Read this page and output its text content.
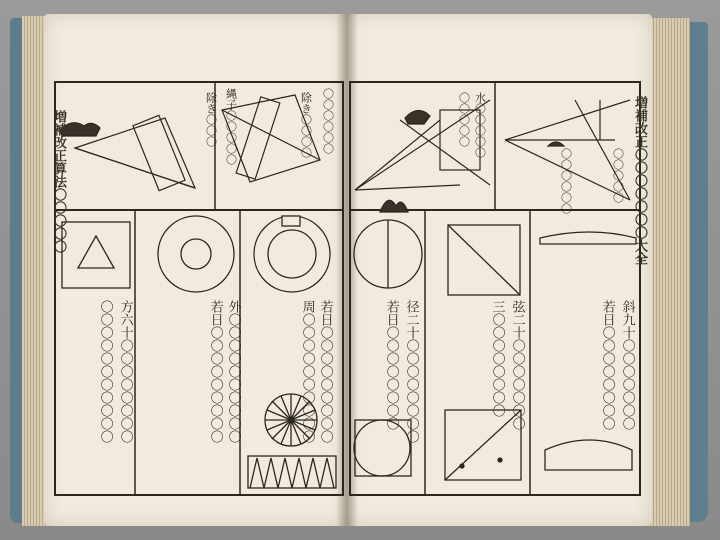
増補改正算法〇〇〇〇〇	増補改正〇〇〇〇〇〇〇大全
縄子〇〇〇〇〇
除き〇〇〇	〇〇〇〇〇〇
除き〇〇〇〇
方六十〇〇〇〇〇〇〇〇
〇〇〇〇〇〇〇〇〇〇〇	若日〇〇〇〇〇〇〇〇〇 外〇〇〇〇〇〇〇〇〇〇	若日〇〇〇〇〇〇〇〇〇
周〇〇〇〇〇〇〇〇〇〇
水〇〇〇〇〇
〇〇〇〇〇
〇〇〇〇〇〇	〇〇〇〇〇
径二十〇〇〇〇〇〇〇〇
若日〇〇〇〇〇〇〇〇	弦二十〇〇〇〇〇〇〇
三〇〇〇〇〇〇〇〇	若日〇〇〇〇〇〇〇〇 斜九十〇〇〇〇〇〇〇
